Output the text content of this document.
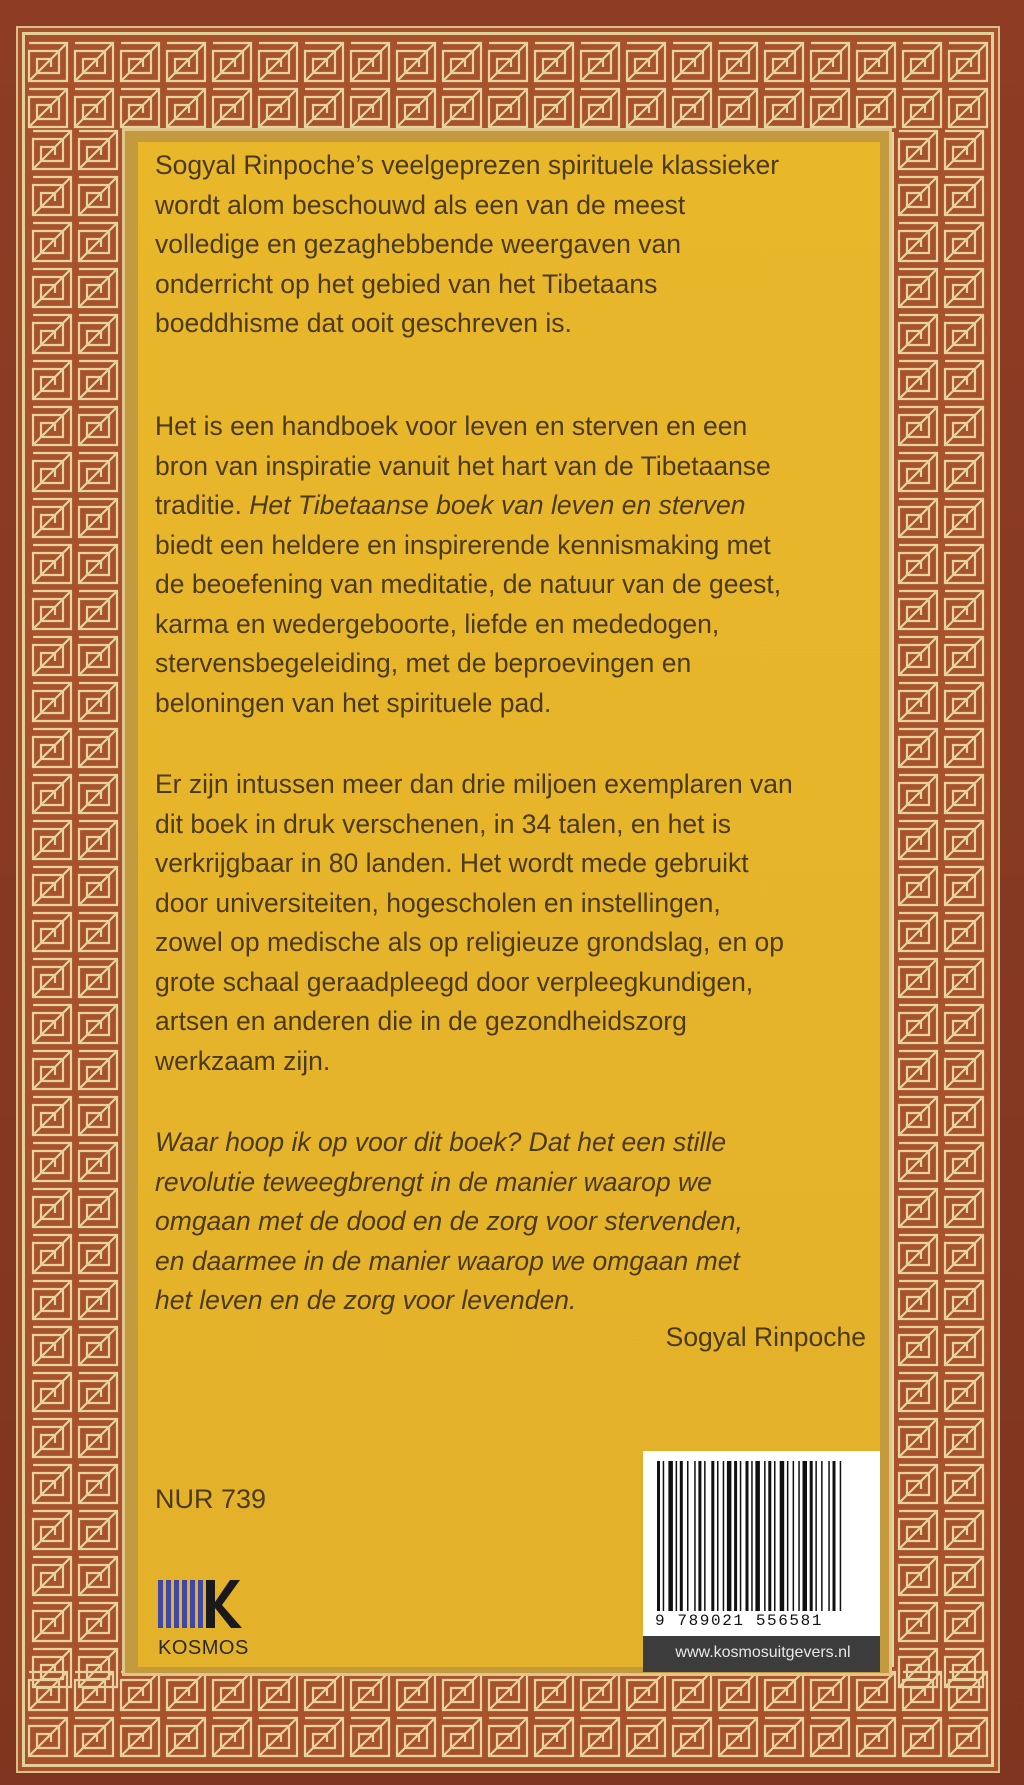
Sogyal Rinpoche’s veelgeprezen spirituele klassieker
wordt alom beschouwd als een van de meest
volledige en gezaghebbende weergaven van
onderricht op het gebied van het Tibetaans
boeddhisme dat ooit geschreven is.
Het is een handboek voor leven en sterven en een
bron van inspiratie vanuit het hart van de Tibetaanse
traditie. Het Tibetaanse boek van leven en sterven
biedt een heldere en inspirerende kennismaking met
de beoefening van meditatie, de natuur van de geest,
karma en wedergeboorte, liefde en mededogen,
stervensbegeleiding, met de beproevingen en
beloningen van het spirituele pad.
Er zijn intussen meer dan drie miljoen exemplaren van
dit boek in druk verschenen, in 34 talen, en het is
verkrijgbaar in 80 landen. Het wordt mede gebruikt
door universiteiten, hogescholen en instellingen,
zowel op medische als op religieuze grondslag, en op
grote schaal geraadpleegd door verpleegkundigen,
artsen en anderen die in de gezondheidszorg
werkzaam zijn.
Waar hoop ik op voor dit boek? Dat het een stille
revolutie teweegbrengt in de manier waarop we
omgaan met de dood en de zorg voor stervenden,
en daarmee in de manier waarop we omgaan met
het leven en de zorg voor levenden.
Sogyal Rinpoche
NUR 739
KOSMOS
9 789021 556581
www.kosmosuitgevers.nl
